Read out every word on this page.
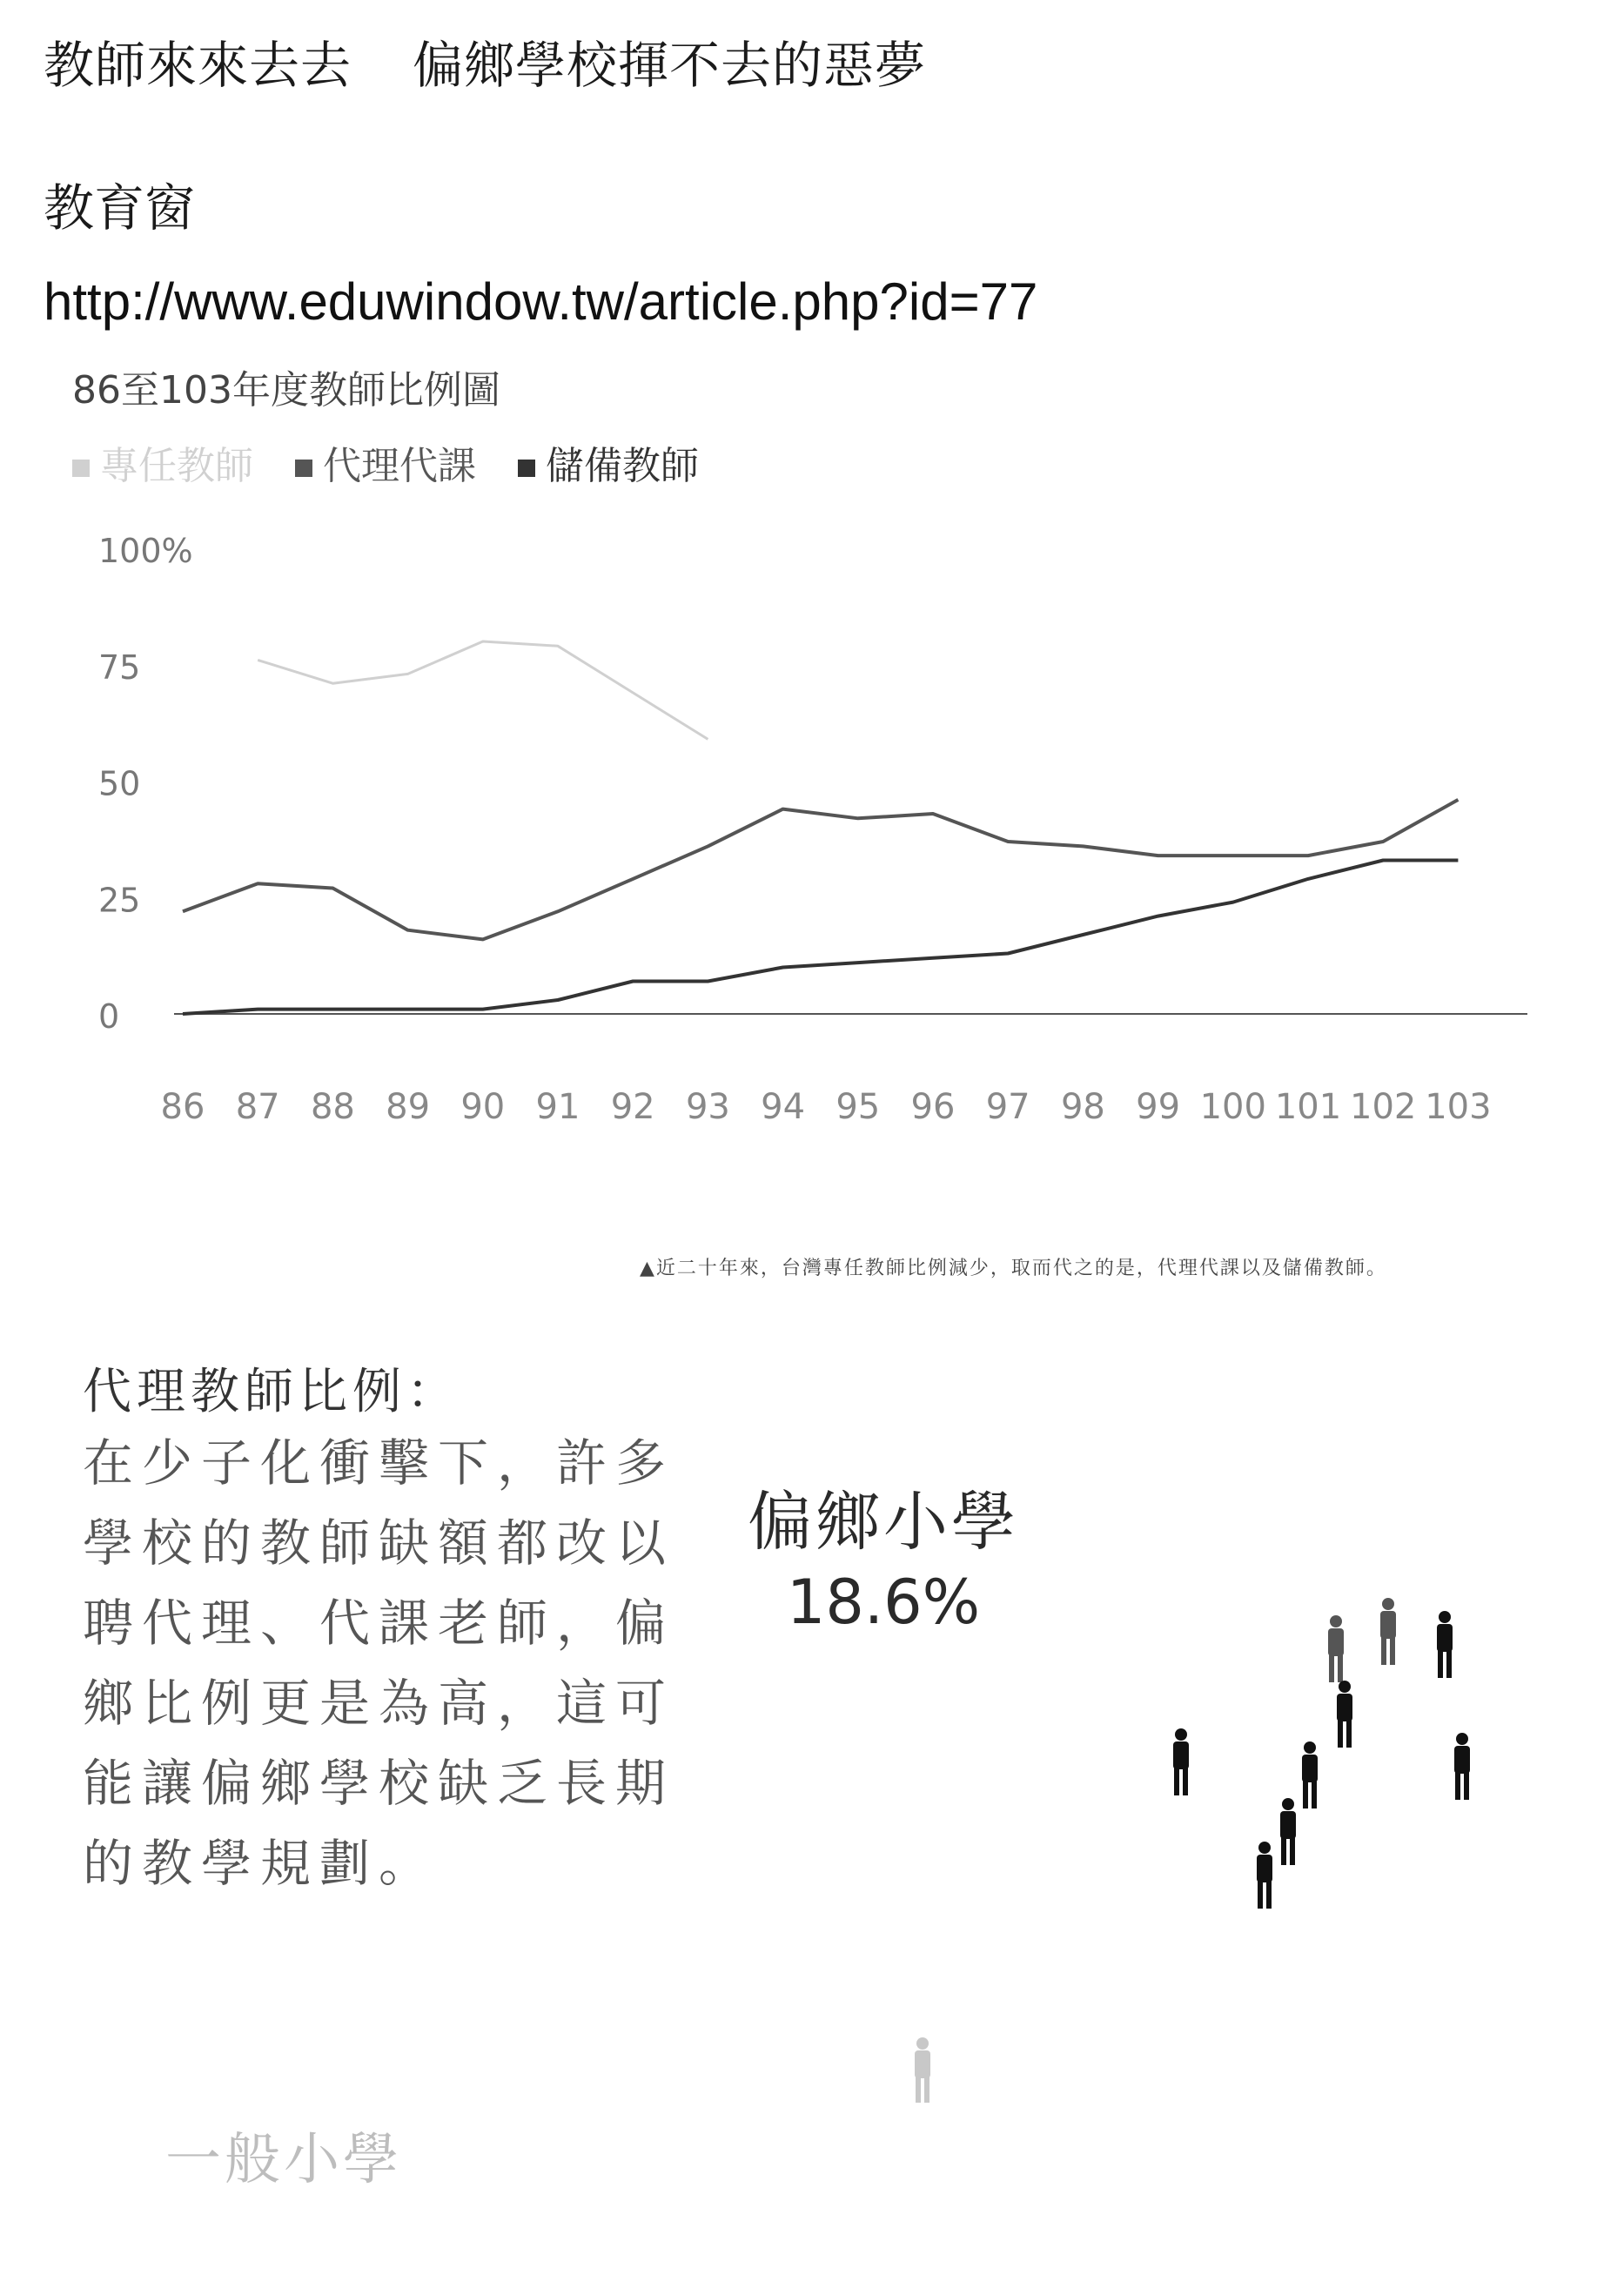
教師來來去去 偏鄉學校揮不去的惡夢
教育窗
http://www.eduwindow.tw/article.php?id=77
86至103年度教師比例圖
專任教師 代理代課 儲備教師
100%
75
50
25
0
86 87 88 89 90 91 92 93 94 95 96 97 98 99 100 101 102 103
▲近二十年來，台灣專任教師比例減少，取而代之的是，代理代課以及儲備教師。
代理教師比例：
在少子化衝擊下，許多學校的教師缺額都改以聘代理、代課老師，偏鄉比例更是為高，這可能讓偏鄉學校缺乏長期的教學規劃。
偏鄉小學
18.6%
一般小學
